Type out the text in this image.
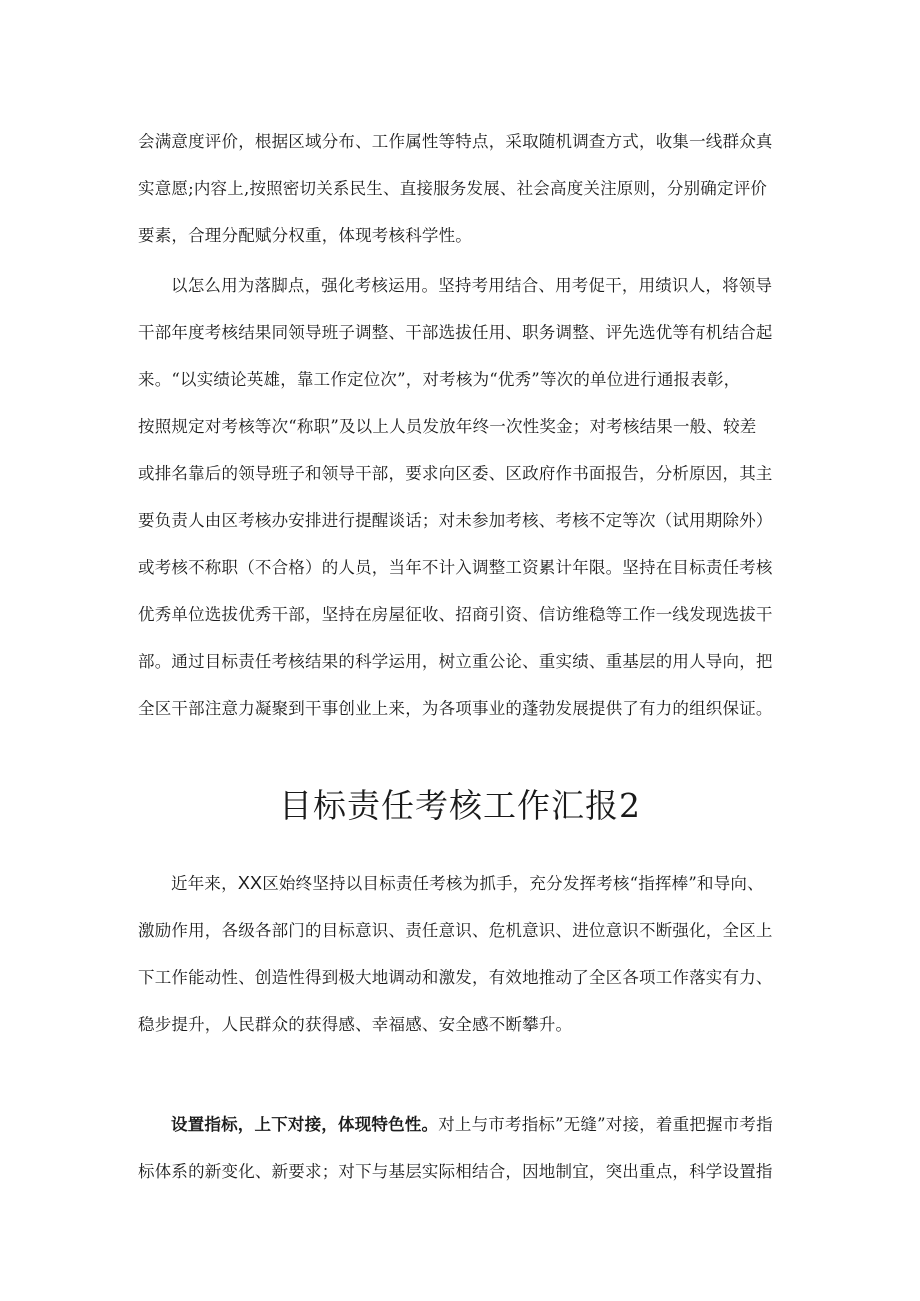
会满意度评价，根据区域分布、工作属性等特点，采取随机调查方式，收集一线群众真
实意愿;内容上,按照密切关系民生、直接服务发展、社会高度关注原则，分别确定评价
要素，合理分配赋分权重，体现考核科学性。
以怎么用为落脚点，强化考核运用。坚持考用结合、用考促干，用绩识人，将领导
干部年度考核结果同领导班子调整、干部选拔任用、职务调整、评先选优等有机结合起
来。“以实绩论英雄，靠工作定位次”，对考核为“优秀”等次的单位进行通报表彰，
按照规定对考核等次“称职”及以上人员发放年终一次性奖金；对考核结果一般、较差
或排名靠后的领导班子和领导干部，要求向区委、区政府作书面报告，分析原因，其主
要负责人由区考核办安排进行提醒谈话；对未参加考核、考核不定等次（试用期除外）
或考核不称职（不合格）的人员，当年不计入调整工资累计年限。坚持在目标责任考核
优秀单位选拔优秀干部，坚持在房屋征收、招商引资、信访维稳等工作一线发现选拔干
部。通过目标责任考核结果的科学运用，树立重公论、重实绩、重基层的用人导向，把
全区干部注意力凝聚到干事创业上来，为各项事业的蓬勃发展提供了有力的组织保证。
目标责任考核工作汇报2
近年来，XX区始终坚持以目标责任考核为抓手，充分发挥考核“指挥棒”和导向、
激励作用，各级各部门的目标意识、责任意识、危机意识、进位意识不断强化，全区上
下工作能动性、创造性得到极大地调动和激发，有效地推动了全区各项工作落实有力、
稳步提升，人民群众的获得感、幸福感、安全感不断攀升。
设置指标，上下对接，体现特色性。对上与市考指标”无缝”对接，着重把握市考指
标体系的新变化、新要求；对下与基层实际相结合，因地制宜，突出重点，科学设置指
